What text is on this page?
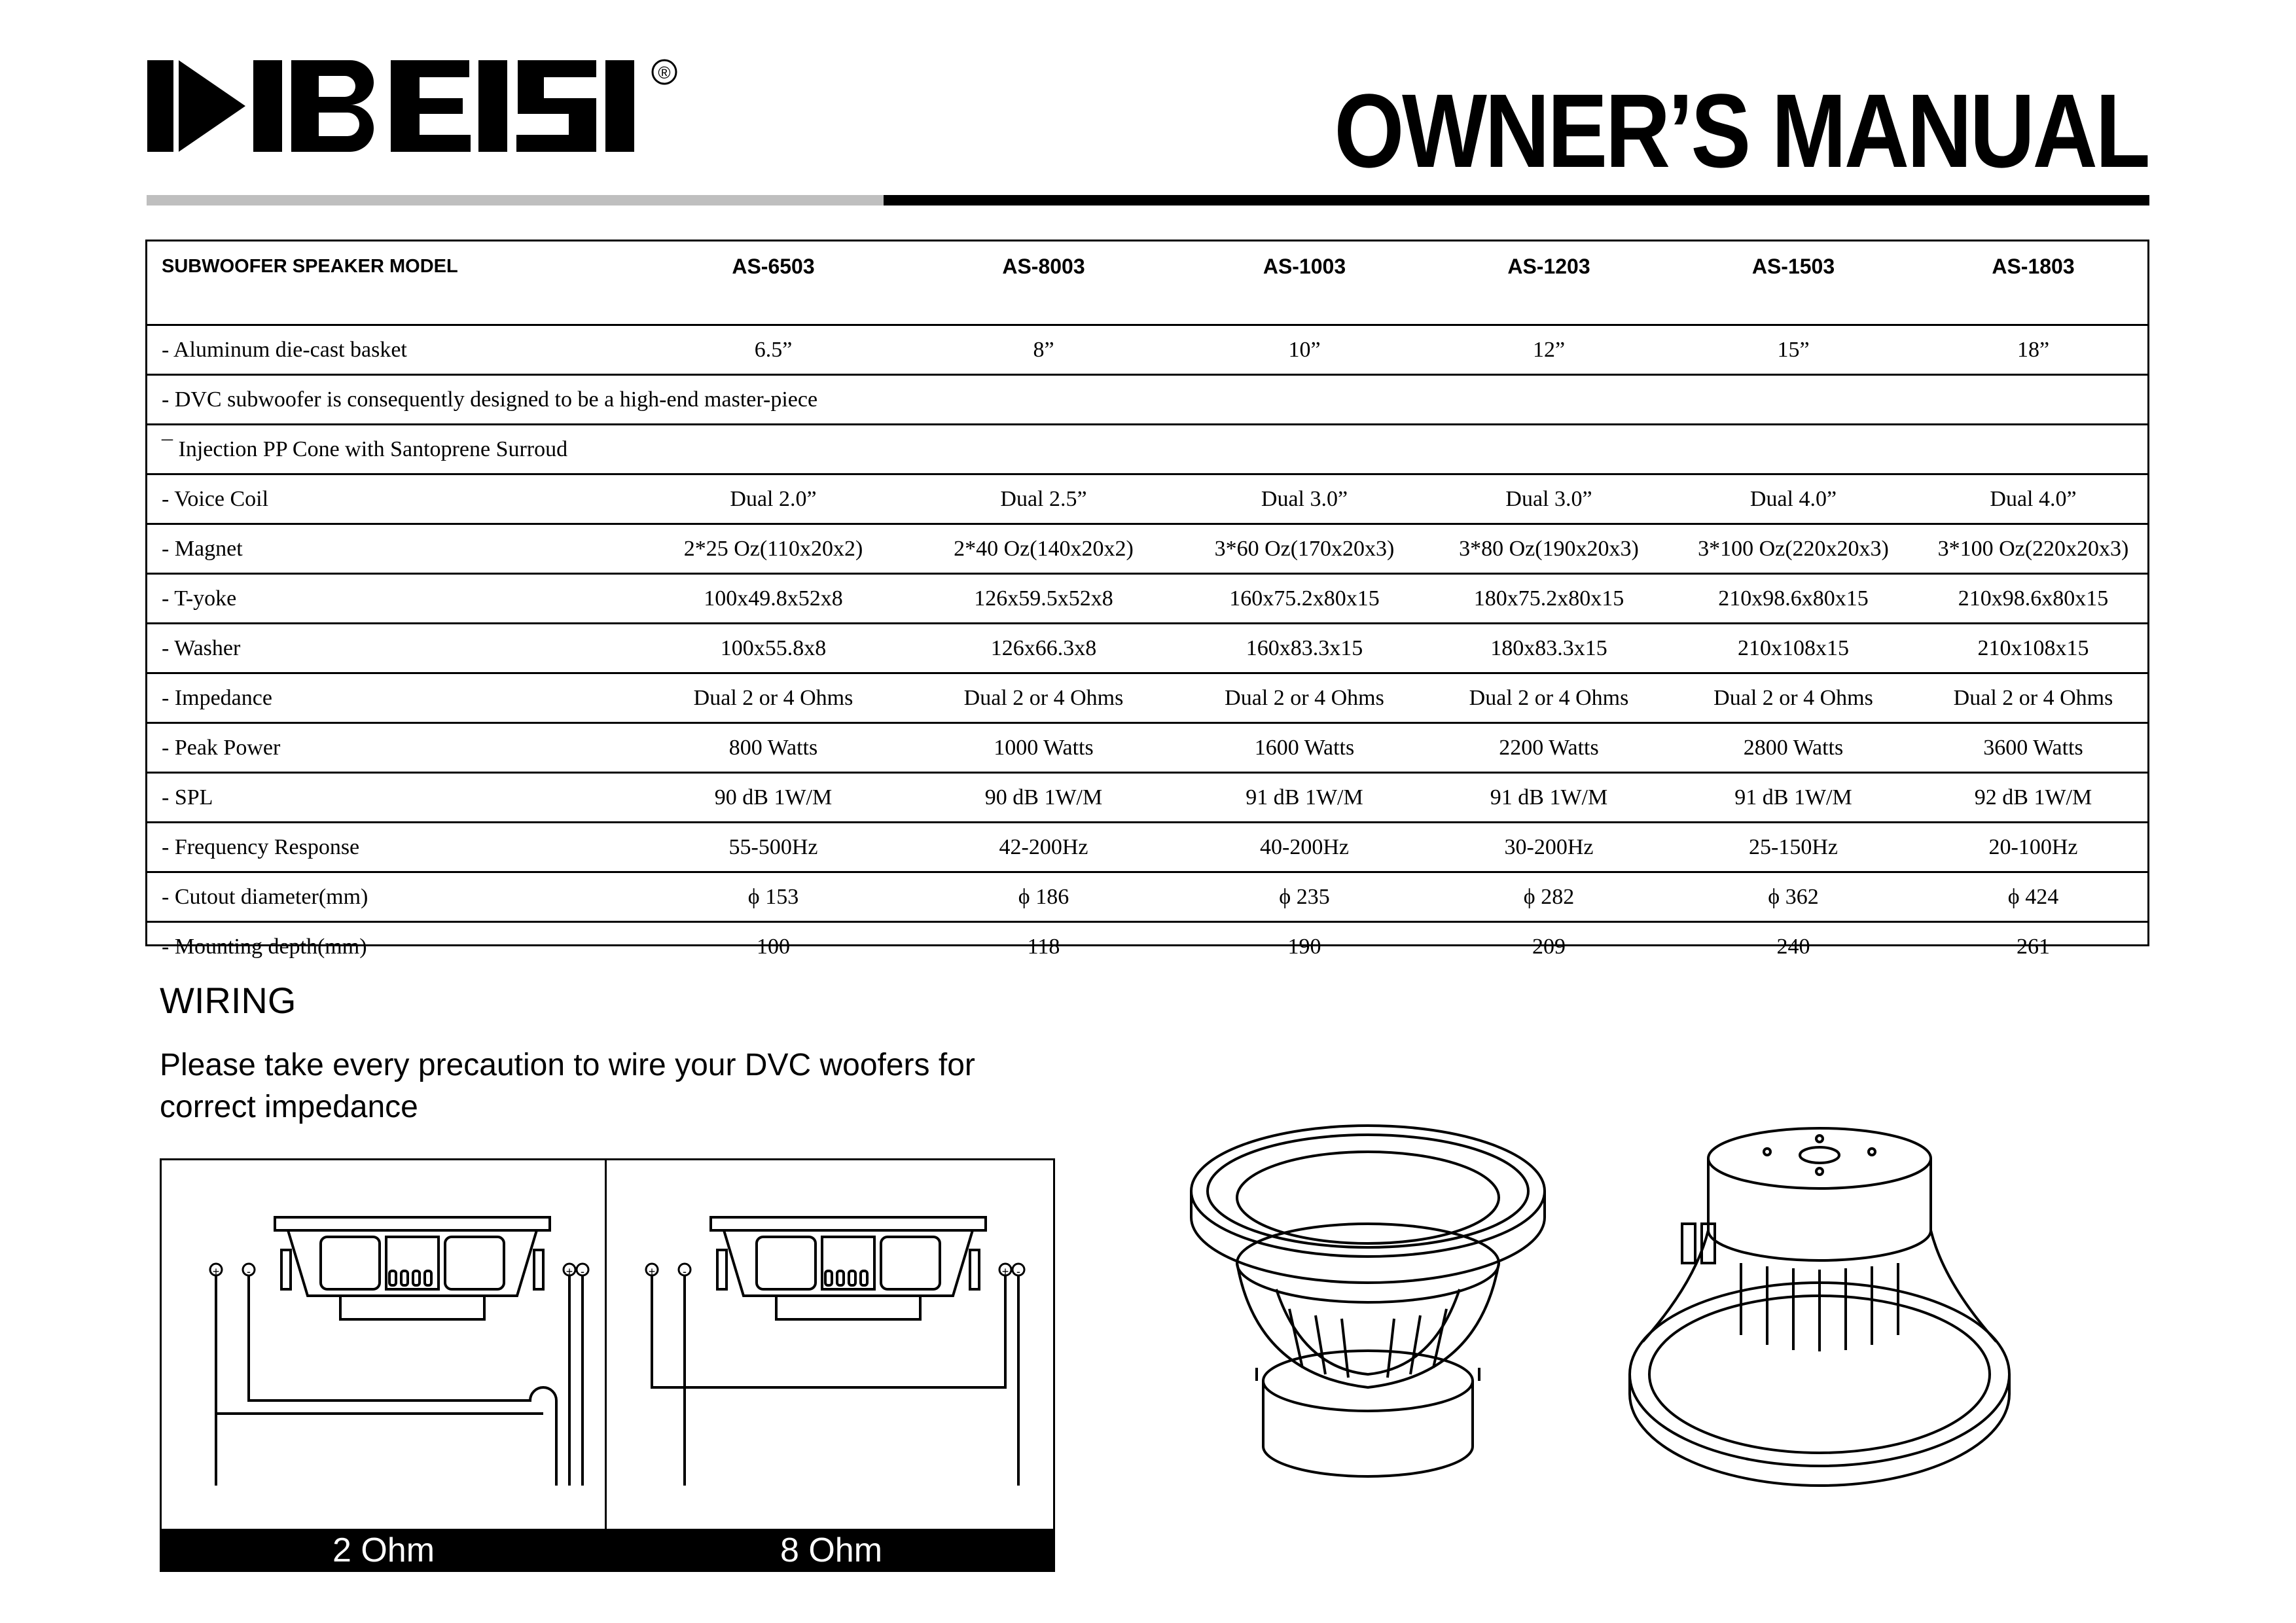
®	OWNER’S MANUAL
SUBWOOFER SPEAKER MODEL	AS-6503	AS-8003	AS-1003	AS-1203	AS-1503	AS-1803
- Aluminum die-cast basket	6.5”	8”	10”	12”	15”	18”
- DVC subwoofer is consequently designed to be a high-end master-piece						
¯ Injection PP Cone with Santoprene Surroud						
- Voice Coil	Dual 2.0”	Dual 2.5”	Dual 3.0”	Dual 3.0”	Dual 4.0”	Dual 4.0”
- Magnet	2*25 Oz(110x20x2)	2*40 Oz(140x20x2)	3*60 Oz(170x20x3)	3*80 Oz(190x20x3)	3*100 Oz(220x20x3)	3*100 Oz(220x20x3)
- T-yoke	100x49.8x52x8	126x59.5x52x8	160x75.2x80x15	180x75.2x80x15	210x98.6x80x15	210x98.6x80x15
- Washer	100x55.8x8	126x66.3x8	160x83.3x15	180x83.3x15	210x108x15	210x108x15
- Impedance	Dual 2 or 4 Ohms	Dual 2 or 4 Ohms	Dual 2 or 4 Ohms	Dual 2 or 4 Ohms	Dual 2 or 4 Ohms	Dual 2 or 4 Ohms
- Peak Power	800 Watts	1000 Watts	1600 Watts	2200 Watts	2800 Watts	3600 Watts
- SPL	90 dB 1W/M	90 dB 1W/M	91 dB 1W/M	91 dB 1W/M	91 dB 1W/M	92 dB 1W/M
- Frequency Response	55-500Hz	42-200Hz	40-200Hz	30-200Hz	25-150Hz	20-100Hz
- Cutout diameter(mm)	ϕ 153	ϕ 186	ϕ 235	ϕ 282	ϕ 362	ϕ 424
- Mounting depth(mm)	100	118	190	209	240	261
WIRING
Please take every precaution to wire your DVC woofers for correct impedance
+ -	+ -	+ -	+ -
2 Ohm	8 Ohm
